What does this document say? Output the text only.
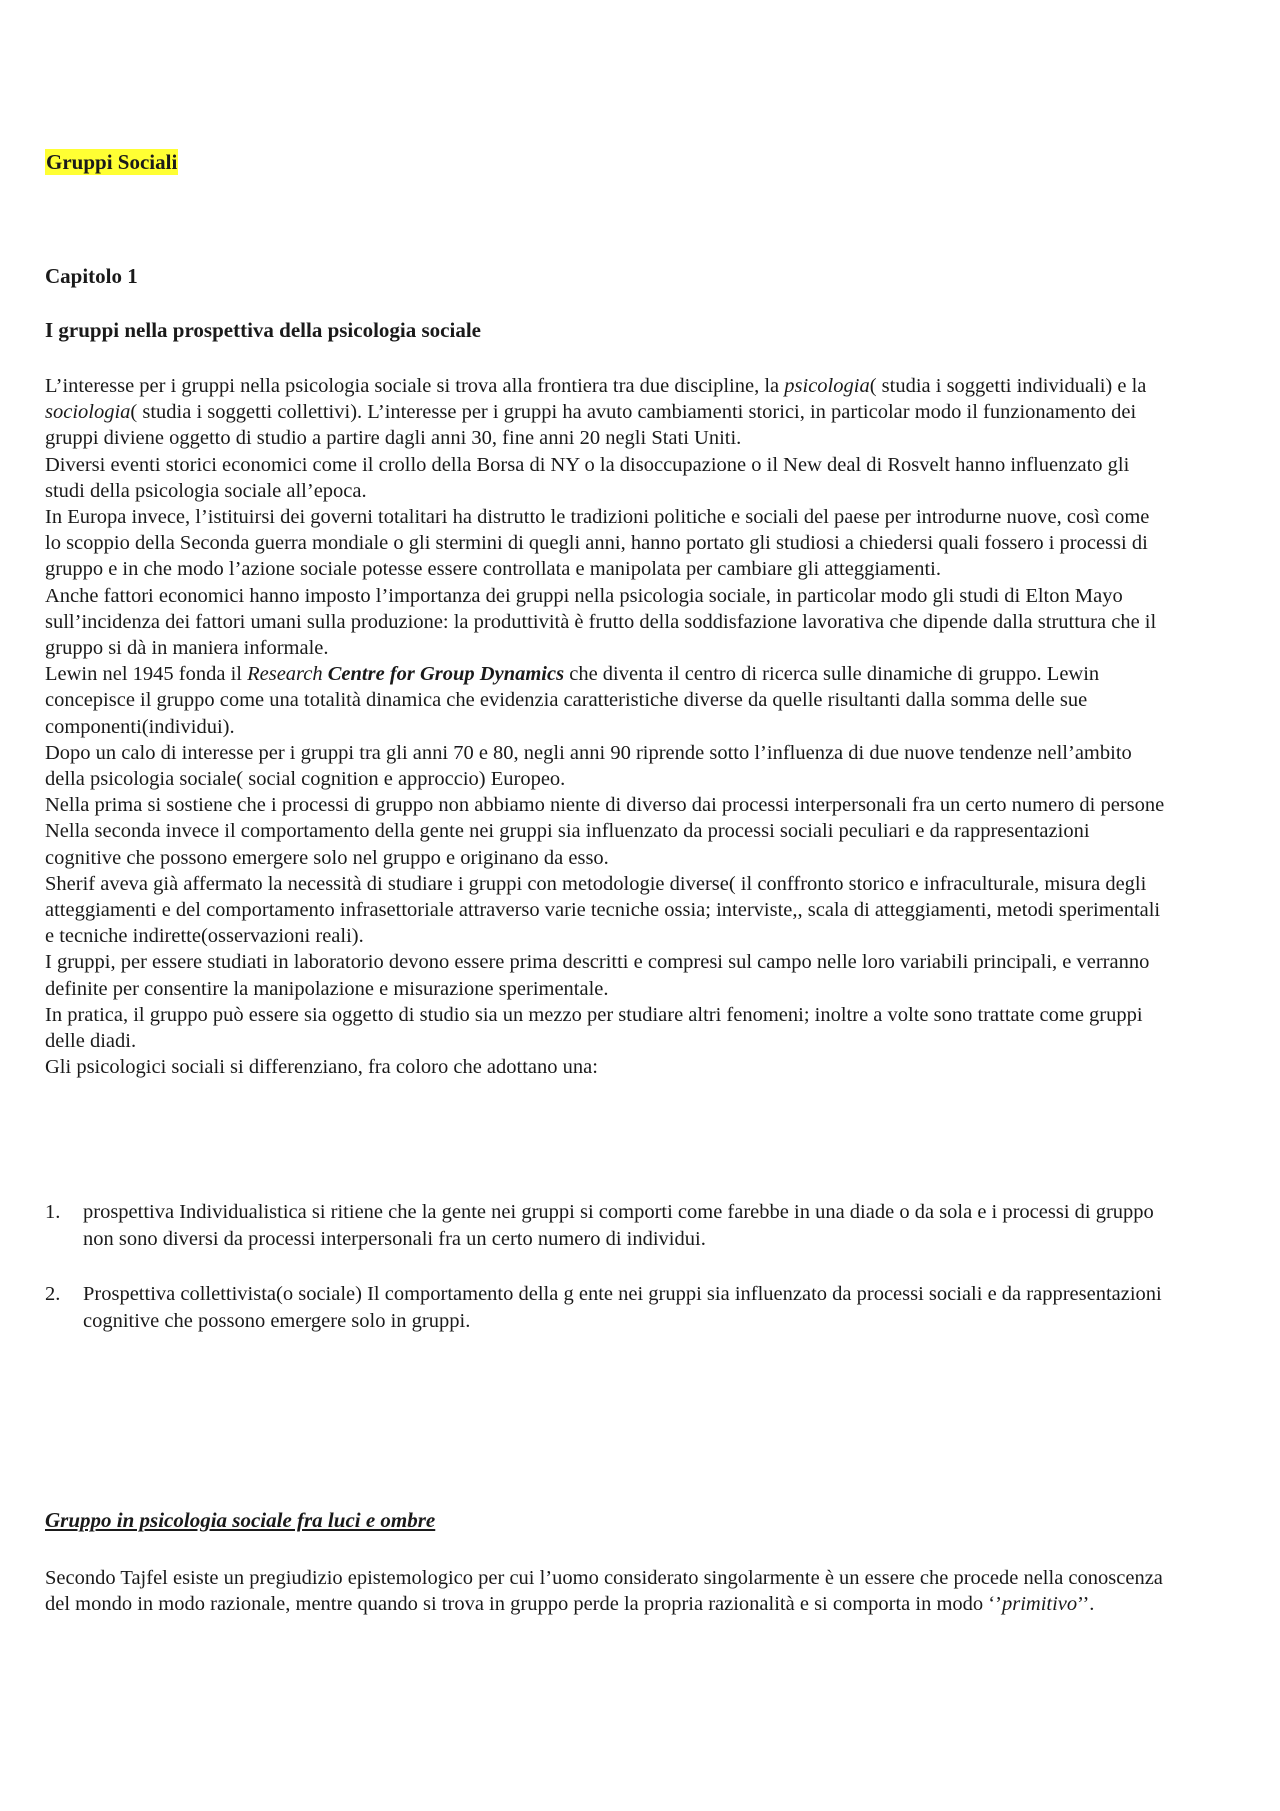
Gruppi Sociali
Capitolo 1
I gruppi nella prospettiva della psicologia sociale

L’interesse per i gruppi nella psicologia sociale si trova alla frontiera tra due discipline, la psicologia( studia i soggetti individuali) e la sociologia( studia i soggetti collettivi). L’interesse per i gruppi ha avuto cambiamenti storici, in particolar modo il funzionamento dei gruppi diviene oggetto di studio a partire dagli anni 30, fine anni 20 negli Stati Uniti.

Diversi eventi storici economici come il crollo della Borsa di NY o la disoccupazione o il New deal di Rosvelt hanno influenzato gli studi della psicologia sociale all’epoca.

In Europa invece, l’istituirsi dei governi totalitari ha distrutto le tradizioni politiche e sociali del paese per introdurne nuove, così come lo scoppio della Seconda guerra mondiale o gli stermini di quegli anni, hanno portato gli studiosi a chiedersi quali fossero i processi di gruppo e in che modo l’azione sociale potesse essere controllata e manipolata per cambiare gli atteggiamenti.

Anche fattori economici hanno imposto l’importanza dei gruppi nella psicologia sociale, in particolar modo gli studi di Elton Mayo sull’incidenza dei fattori umani sulla produzione: la produttività è frutto della soddisfazione lavorativa che dipende dalla struttura che il gruppo si dà in maniera informale.

Lewin nel 1945 fonda il Research Centre for Group Dynamics che diventa il centro di ricerca sulle dinamiche di gruppo. Lewin concepisce il gruppo come una totalità dinamica che evidenzia caratteristiche diverse da quelle risultanti dalla somma delle sue componenti(individui).

Dopo un calo di interesse per i gruppi tra gli anni 70 e 80, negli anni 90 riprende sotto l’influenza di due nuove tendenze nell’ambito della psicologia sociale( social cognition e approccio) Europeo.

Nella prima si sostiene che i processi di gruppo non abbiamo niente di diverso dai processi interpersonali fra un certo numero di persone

Nella seconda invece il comportamento della gente nei gruppi sia influenzato da processi sociali peculiari e da rappresentazioni cognitive che possono emergere solo nel gruppo e originano da esso.

Sherif aveva già affermato la necessità di studiare i gruppi con metodologie diverse( il conffronto storico e infraculturale, misura degli atteggiamenti e del comportamento infrasettoriale attraverso varie tecniche ossia; interviste,, scala di atteggiamenti, metodi sperimentali e tecniche indirette(osservazioni reali).

I gruppi, per essere studiati in laboratorio devono essere prima descritti e compresi sul campo nelle loro variabili principali, e verranno definite per consentire la manipolazione e misurazione sperimentale.

In pratica, il gruppo può essere sia oggetto di studio sia un mezzo per studiare altri fenomeni; inoltre a volte sono trattate come gruppi delle diadi.

Gli psicologici sociali si differenziano, fra coloro che adottano una:

1. prospettiva Individualistica si ritiene che la gente nei gruppi si comporti come farebbe in una diade o da sola e i processi di gruppo non sono diversi da processi interpersonali fra un certo numero di individui.
2. Prospettiva collettivista(o sociale) Il comportamento della g ente nei gruppi sia influenzato da processi sociali e da rappresentazioni cognitive che possono emergere solo in gruppi.
Gruppo in psicologia sociale fra luci e ombre

Secondo Tajfel esiste un pregiudizio epistemologico per cui l’uomo considerato singolarmente è un essere che procede nella conoscenza del mondo in modo razionale, mentre quando si trova in gruppo perde la propria razionalità e si comporta in modo ‘’primitivo’’.
